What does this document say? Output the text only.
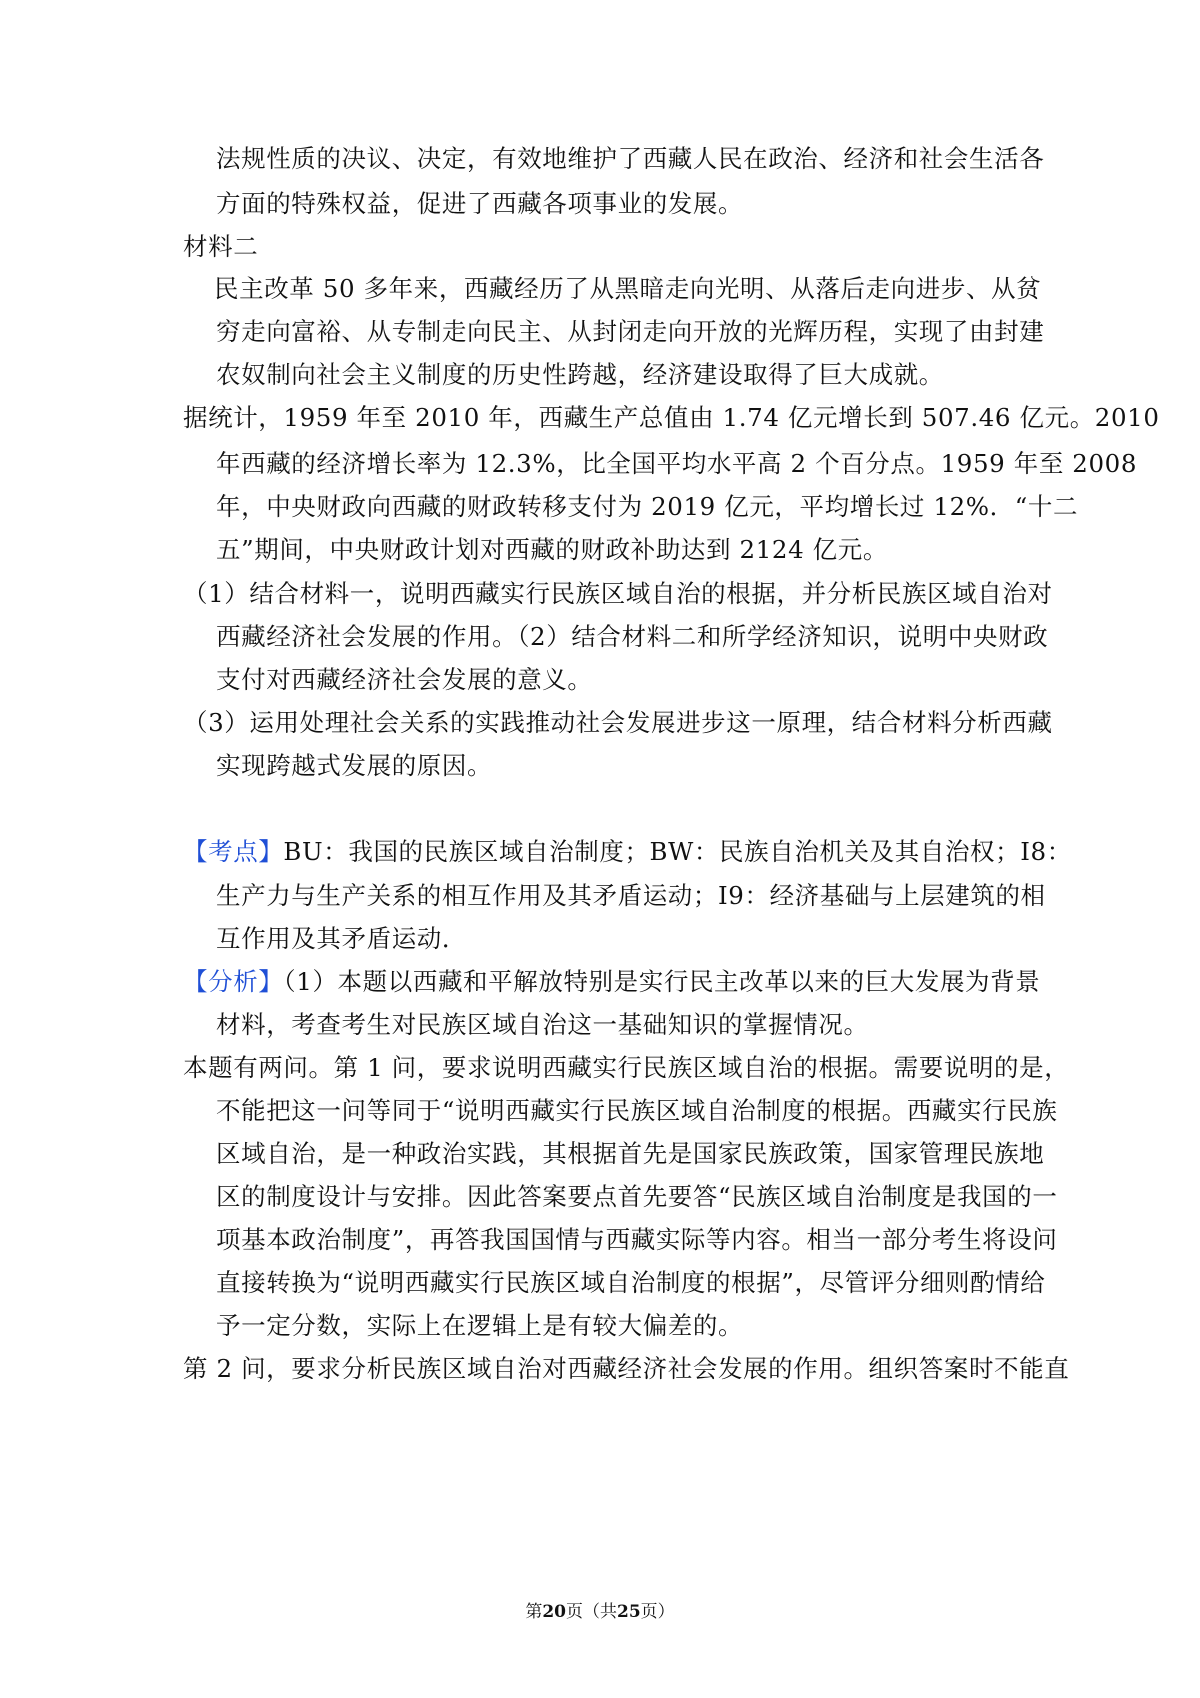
法规性质的决议、决定，有效地维护了西藏人民在政治、经济和社会生活各
方面的特殊权益，促进了西藏各项事业的发展。
材料二
民主改革 50 多年来，西藏经历了从黑暗走向光明、从落后走向进步、从贫
穷走向富裕、从专制走向民主、从封闭走向开放的光辉历程，实现了由封建
农奴制向社会主义制度的历史性跨越，经济建设取得了巨大成就。
据统计，1959 年至 2010 年，西藏生产总值由 1.74 亿元增长到 507.46 亿元。2010
年西藏的经济增长率为 12.3%，比全国平均水平高 2 个百分点。1959 年至 2008
年，中央财政向西藏的财政转移支付为 2019 亿元，平均增长过 12%．“十二
五”期间，中央财政计划对西藏的财政补助达到 2124 亿元。
（1）结合材料一，说明西藏实行民族区域自治的根据，并分析民族区域自治对
西藏经济社会发展的作用。（2）结合材料二和所学经济知识，说明中央财政
支付对西藏经济社会发展的意义。
（3）运用处理社会关系的实践推动社会发展进步这一原理，结合材料分析西藏
实现跨越式发展的原因。
【考点】BU：我国的民族区域自治制度；BW：民族自治机关及其自治权；I8：
生产力与生产关系的相互作用及其矛盾运动；I9：经济基础与上层建筑的相
互作用及其矛盾运动．
【分析】（1）本题以西藏和平解放特别是实行民主改革以来的巨大发展为背景
材料，考查考生对民族区域自治这一基础知识的掌握情况。
本题有两问。第 1 问，要求说明西藏实行民族区域自治的根据。需要说明的是，
不能把这一问等同于“说明西藏实行民族区域自治制度的根据。西藏实行民族
区域自治，是一种政治实践，其根据首先是国家民族政策，国家管理民族地
区的制度设计与安排。因此答案要点首先要答“民族区域自治制度是我国的一
项基本政治制度”，再答我国国情与西藏实际等内容。相当一部分考生将设问
直接转换为“说明西藏实行民族区域自治制度的根据”，尽管评分细则酌情给
予一定分数，实际上在逻辑上是有较大偏差的。
第 2 问，要求分析民族区域自治对西藏经济社会发展的作用。组织答案时不能直
第20页（共25页）
